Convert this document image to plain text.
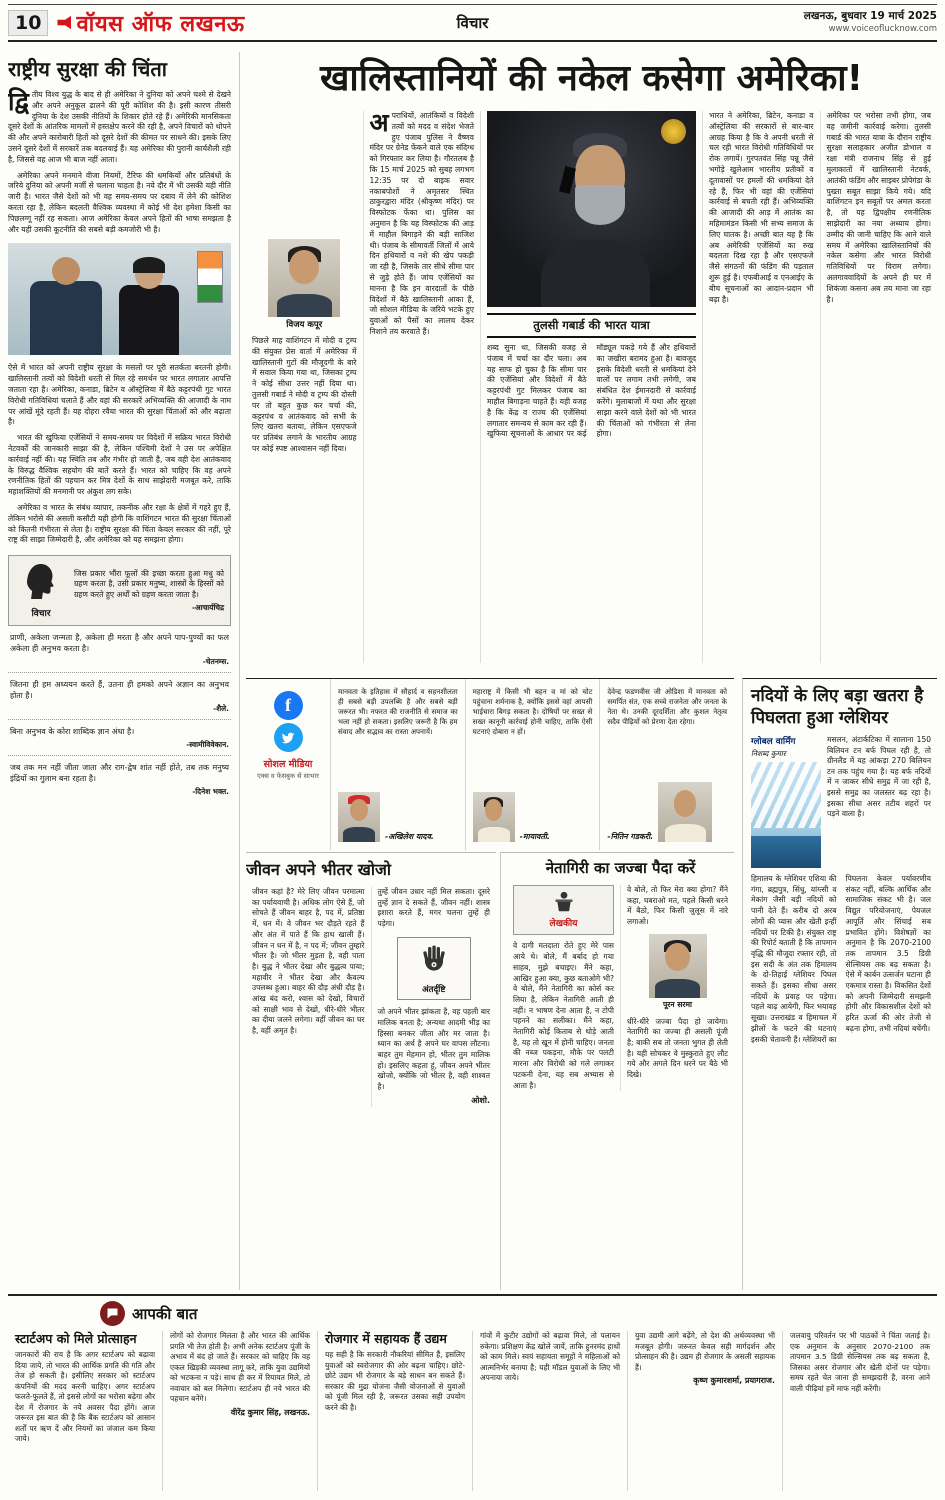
10	वॉयस ऑफ लखनऊ	विचार	लखनऊ, बुधवार 19 मार्च 2025
www.voiceoflucknow.com
राष्ट्रीय सुरक्षा की चिंता

द्वि तीय विश्व युद्ध के बाद से ही अमेरिका ने दुनिया को अपने चश्मे से देखने और अपने अनुकूल ढालने की पूरी कोशिश की है। इसी कारण तीसरी दुनिया के देश उसकी नीतियों के शिकार होते रहे हैं। अमेरिकी मानसिकता दूसरे देशों के आंतरिक मामलों में हस्तक्षेप करने की रही है, अपने विचारों को थोपने की और अपने कारोबारी हितों को दूसरे देशों की कीमत पर साधने की। इसके लिए उसने दूसरे देशों में सरकारें तक बदलवाई हैं। यह अमेरिका की पुरानी कार्यशैली रही है, जिससे वह आज भी बाज नहीं आता।

अमेरिका अपने मनमाने वीजा नियमों, टैरिफ की धमकियों और प्रतिबंधों के जरिये दुनिया को अपनी मर्जी से चलाना चाहता है। नये दौर में भी उसकी यही नीति जारी है। भारत जैसे देशों को भी वह समय-समय पर दबाव में लेने की कोशिश करता रहा है, लेकिन बदलती वैश्विक व्यवस्था में कोई भी देश हमेशा किसी का पिछलग्गू नहीं रह सकता। आज अमेरिका केवल अपने हितों की भाषा समझता है और यही उसकी कूटनीति की सबसे बड़ी कमजोरी भी है।

ऐसे में भारत को अपनी राष्ट्रीय सुरक्षा के मसलों पर पूरी सतर्कता बरतनी होगी। खालिस्तानी तत्वों को विदेशी धरती से मिल रहे समर्थन पर भारत लगातार आपत्ति जताता रहा है। अमेरिका, कनाडा, ब्रिटेन व ऑस्ट्रेलिया में बैठे कट्टरपंथी गुट भारत विरोधी गतिविधियां चलाते हैं और वहां की सरकारें अभिव्यक्ति की आजादी के नाम पर आंखें मूंदे रहती हैं। यह दोहरा रवैया भारत की सुरक्षा चिंताओं को और बढ़ाता है।

भारत की खुफिया एजेंसियों ने समय-समय पर विदेशों में सक्रिय भारत विरोधी नेटवर्कों की जानकारी साझा की है, लेकिन पश्चिमी देशों ने उस पर अपेक्षित कार्रवाई नहीं की। यह स्थिति तब और गंभीर हो जाती है, जब वही देश आतंकवाद के विरुद्ध वैश्विक सहयोग की बातें करते हैं। भारत को चाहिए कि वह अपने रणनीतिक हितों की पहचान कर मित्र देशों के साथ साझेदारी मजबूत करे, ताकि महाशक्तियों की मनमानी पर अंकुश लग सके।

अमेरिका व भारत के संबंध व्यापार, तकनीक और रक्षा के क्षेत्रों में गहरे हुए हैं, लेकिन भरोसे की असली कसौटी यही होगी कि वाशिंगटन भारत की सुरक्षा चिंताओं को कितनी गंभीरता से लेता है। राष्ट्रीय सुरक्षा की चिंता केवल सरकार की नहीं, पूरे राष्ट्र की साझा जिम्मेदारी है, और अमेरिका को यह समझना होगा।

विचार
जिस प्रकार भौंरा फूलों की इच्छा करता हुआ मधु को ग्रहण करता है, उसी प्रकार मनुष्य, शास्त्रों के हिस्सों को ग्रहण करते हुए अर्थों को ग्रहण करता जाता है।
-आचार्यचिद्र
प्राणी, अकेला जन्मता है, अकेला ही मरता है और अपने पाप-पुण्यों का फल अकेला ही अनुभव करता है।
-चेतनम्स.
जितना ही हम अध्ययन करते हैं, उतना ही हमको अपने अज्ञान का अनुभव होता है।
-शैले.
बिना अनुभव के कोरा शाब्दिक ज्ञान अंधा है।
-स्वामीविवेकान.
जब तक मन नहीं जीता जाता और राग-द्वेष शांत नहीं होते, तब तक मनुष्य इंद्रियों का गुलाम बना रहता है।
-दिनेश भक्त.
खालिस्तानियों की नकेल कसेगा अमेरिका!
विजय कपूर

पिछले माह वाशिंगटन में मोदी व ट्रम्प की संयुक्त प्रेस वार्ता में अमेरिका में खालिस्तानी गुटों की मौजूदगी के बारे में सवाल किया गया था, जिसका ट्रम्प ने कोई सीधा उत्तर नहीं दिया था। तुलसी गबार्ड ने मोदी व ट्रम्प की दोस्ती पर तो बहुत कुछ कर चर्चा की, कट्टरपंथ व आतंकवाद को सभी के लिए खतरा बताया, लेकिन एसएफजे पर प्रतिबंध लगाने के भारतीय आग्रह पर कोई स्पष्ट आश्वासन नहीं दिया।

अपराधियों, आतंकियों व विदेशी तत्वों को मदद व संदेश भेजते हुए पंजाब पुलिस ने वैष्णव मंदिर पर ग्रेनेड फेंकने वाले एक संदिग्ध को गिरफ्तार कर लिया है। गौरतलब है कि 15 मार्च 2025 को सुबह लगभग 12:35 पर दो बाइक सवार नकाबपोशों ने अमृतसर स्थित ठाकुरद्वारा मंदिर (श्रीकृष्ण मंदिर) पर विस्फोटक फेंका था। पुलिस का अनुमान है कि यह विस्फोटक की आड़ में माहौल बिगाड़ने की बड़ी साजिश थी। पंजाब के सीमावर्ती जिलों में आये दिन हथियारों व नशे की खेप पकड़ी जा रही है, जिसके तार सीधे सीमा पार से जुड़े होते हैं। जांच एजेंसियों का मानना है कि इन वारदातों के पीछे विदेशों में बैठे खालिस्तानी आका हैं, जो सोशल मीडिया के जरिये भटके हुए युवाओं को पैसों का लालच देकर निशाने तय करवाते हैं।	तुलसी गबार्ड की भारत यात्रा
शब्द सुना था, जिसकी वजह से पंजाब में चर्चा का दौर चला। अब यह साफ हो चुका है कि सीमा पार की एजेंसियां और विदेशों में बैठे कट्टरपंथी गुट मिलकर पंजाब का माहौल बिगाड़ना चाहते हैं। यही वजह है कि केंद्र व राज्य की एजेंसियां लगातार समन्वय से काम कर रही हैं। खुफिया सूचनाओं के आधार पर कई मॉड्यूल पकड़े गये हैं और हथियारों का जखीरा बरामद हुआ है। बावजूद इसके विदेशी धरती से धमकियां देने वालों पर लगाम तभी लगेगी, जब संबंधित देश ईमानदारी से कार्रवाई करेंगे। मुलाबाजों में यथा और सुरक्षा साझा करने वाले देशों को भी भारत की चिंताओं को गंभीरता से लेना होगा।

भारत ने अमेरिका, ब्रिटेन, कनाडा व ऑस्ट्रेलिया की सरकारों से बार-बार आग्रह किया है कि वे अपनी धरती से चल रही भारत विरोधी गतिविधियों पर रोक लगायें। गुरपतवंत सिंह पन्नू जैसे भगोड़े खुलेआम भारतीय प्रतीकों व दूतावासों पर हमलों की धमकियां देते रहे हैं, फिर भी वहां की एजेंसियां कार्रवाई से बचती रही हैं। अभिव्यक्ति की आजादी की आड़ में आतंक का महिमामंडन किसी भी सभ्य समाज के लिए घातक है। अच्छी बात यह है कि अब अमेरिकी एजेंसियों का रुख बदलता दिख रहा है और एसएफजे जैसे संगठनों की फंडिंग की पड़ताल शुरू हुई है। एफबीआई व एनआईए के बीच सूचनाओं का आदान-प्रदान भी बढ़ा है।

अमेरिका पर भरोसा तभी होगा, जब वह जमीनी कार्रवाई करेगा। तुलसी गबार्ड की भारत यात्रा के दौरान राष्ट्रीय सुरक्षा सलाहकार अजीत डोभाल व रक्षा मंत्री राजनाथ सिंह से हुई मुलाकातों में खालिस्तानी नेटवर्क, आतंकी फंडिंग और साइबर प्रोपेगंडा के पुख्ता सबूत साझा किये गये। यदि वाशिंगटन इन सबूतों पर अमल करता है, तो यह द्विपक्षीय रणनीतिक साझेदारी का नया अध्याय होगा। उम्मीद की जानी चाहिए कि आने वाले समय में अमेरिका खालिस्तानियों की नकेल कसेगा और भारत विरोधी गतिविधियों पर विराम लगेगा। अलगाववादियों के अपने ही घर में शिकंजा कसना अब तय माना जा रहा है।

f
सोशल मीडिया
एक्स व फेसबुक से साभार
मानवता के इतिहास में सौहार्द व सहनशीलता ही सबसे बड़ी उपलब्धि है और सबसे बड़ी जरूरत भी। नफरत की राजनीति से समाज का भला नहीं हो सकता। इसलिए जरूरी है कि हम संवाद और सद्भाव का रास्ता अपनायें।
-अखिलेश यादव.
महाराष्ट्र में किसी भी बहन व मां को चोट पहुंचाना शर्मनाक है, क्योंकि इससे वहां आपसी भाईचारा बिगड़ सकता है। दोषियों पर सख्त से सख्त कानूनी कार्रवाई होनी चाहिए, ताकि ऐसी घटनाएं दोबारा न हों।
-मायावती.
देवेन्द्र फडणवीस जी ओडिशा में मानवता को समर्पित संत, एक सच्चे राजनेता और जनता के नेता थे। उनकी दूरदर्शिता और कुशल नेतृत्व सदैव पीढ़ियों को प्रेरणा देता रहेगा।
-नितिन गडकरी.
नदियों के लिए बड़ा खतरा है पिघलता हुआ ग्लेशियर
ग्लोबल वार्मिंग
निशब्द कुमार
मसलन, अंटार्कटिका में सालाना 150 बिलियन टन बर्फ पिघल रही है, तो ग्रीनलैंड में यह आंकड़ा 270 बिलियन टन तक पहुंच गया है। यह बर्फ नदियों में न जाकर सीधे समुद्र में जा रही है, इससे समुद्र का जलस्तर बढ़ रहा है। इसका सीधा असर तटीय शहरों पर पड़ने वाला है।
हिमालय के ग्लेशियर एशिया की गंगा, ब्रह्मपुत्र, सिंधु, यांग्त्सी व मेकांग जैसी बड़ी नदियों को पानी देते हैं। करीब दो अरब लोगों की प्यास और खेती इन्हीं नदियों पर टिकी है। संयुक्त राष्ट्र की रिपोर्ट बताती है कि तापमान वृद्धि की मौजूदा रफ्तार रही, तो इस सदी के अंत तक हिमालय के दो-तिहाई ग्लेशियर पिघल सकते हैं। इसका सीधा असर नदियों के प्रवाह पर पड़ेगा। पहले बाढ़ आयेगी, फिर भयावह सूखा। उत्तराखंड व हिमाचल में झीलों के फटने की घटनाएं इसकी चेतावनी हैं। ग्लेशियरों का पिघलना केवल पर्यावरणीय संकट नहीं, बल्कि आर्थिक और सामाजिक संकट भी है। जल विद्युत परियोजनाएं, पेयजल आपूर्ति और सिंचाई सब प्रभावित होंगे। विशेषज्ञों का अनुमान है कि 2070-2100 तक तापमान 3.5 डिग्री सेल्सियस तक बढ़ सकता है। ऐसे में कार्बन उत्सर्जन घटाना ही एकमात्र रास्ता है। विकसित देशों को अपनी जिम्मेदारी समझनी होगी और विकासशील देशों को हरित ऊर्जा की ओर तेजी से बढ़ना होगा, तभी नदियां बचेंगी।
जीवन अपने भीतर खोजो
जीवन कहां है? मेरे लिए जीवन परमात्मा का पर्यायवाची है। अधिक लोग ऐसे हैं, जो सोचते हैं जीवन बाहर है, पद में, प्रतिष्ठा में, धन में। वे जीवन भर दौड़ते रहते हैं और अंत में पाते हैं कि हाथ खाली हैं। जीवन न धन में है, न पद में; जीवन तुम्हारे भीतर है। जो भीतर मुड़ता है, वही पाता है। बुद्ध ने भीतर देखा और बुद्धत्व पाया; महावीर ने भीतर देखा और कैवल्य उपलब्ध हुआ। बाहर की दौड़ अंधी दौड़ है। आंख बंद करो, श्वास को देखो, विचारों को साक्षी भाव से देखो, धीरे-धीरे भीतर का दीया जलने लगेगा। वहीं जीवन का घर है, वहीं अमृत है।
तुम्हें जीवन उधार नहीं मिल सकता। दूसरे तुम्हें ज्ञान दे सकते हैं, जीवन नहीं। शास्त्र इशारा करते हैं, मगर चलना तुम्हें ही पड़ेगा।
अंतर्दृष्टि
जो अपने भीतर झांकता है, वह पहली बार मालिक बनता है; अन्यथा आदमी भीड़ का हिस्सा बनकर जीता और मर जाता है। ध्यान का अर्थ है अपने घर वापस लौटना। बाहर तुम मेहमान हो, भीतर तुम मालिक हो। इसलिए कहता हूं, जीवन अपने भीतर खोजो, क्योंकि जो भीतर है, वही शाश्वत है।
ओशो.
नेतागिरी का जज्बा पैदा करें
लेखकीय
वे दागी मतदाता रोते हुए मेरे पास आये थे। बोले, मैं बर्बाद हो गया साहब, मुझे बचाइए। मैंने कहा, आखिर हुआ क्या, कुछ बताओगे भी? वे बोले, मैंने नेतागिरी का कोर्स कर लिया है, लेकिन नेतागिरी आती ही नहीं। न भाषण देना आता है, न टोपी पहनने का सलीका। मैंने कहा, नेतागिरी कोई किताब से थोड़े आती है, यह तो खून में होनी चाहिए। जनता की नब्ज पकड़ना, मौके पर पलटी मारना और विरोधी को गले लगाकर पटकनी देना, यह सब अभ्यास से आता है।
वे बोले, तो फिर मेरा क्या होगा? मैंने कहा, घबराओ मत, पहले किसी धरने में बैठो, फिर किसी जुलूस में नारे लगाओ।
पूरन सरमा
धीरे-धीरे जज्बा पैदा हो जायेगा। नेतागिरी का जज्बा ही असली पूंजी है; बाकी सब तो जनता भुगत ही लेती है। यही सोचकर वे मुस्कुराते हुए लौट गये और अगले दिन धरने पर बैठे भी दिखे।
आपकी बात
स्टार्टअप को मिले प्रोत्साहन
जानकारों की राय है कि अगर स्टार्टअप को बढ़ावा दिया जाये, तो भारत की आर्थिक प्रगति की गति और तेज हो सकती है। इसीलिए सरकार को स्टार्टअप कंपनियों की मदद करनी चाहिए। अगर स्टार्टअप फलते-फूलते हैं, तो इससे लोगों का भरोसा बढ़ेगा और देश में रोजगार के नये अवसर पैदा होंगे। आज जरूरत इस बात की है कि बैंक स्टार्टअप को आसान शर्तों पर ऋण दें और नियमों का जंजाल कम किया जाये।
लोगों को रोजगार मिलता है और भारत की आर्थिक प्रगति भी तेज होती है। अभी अनेक स्टार्टअप पूंजी के अभाव में बंद हो जाते हैं। सरकार को चाहिए कि वह एकल खिड़की व्यवस्था लागू करे, ताकि युवा उद्यमियों को भटकना न पड़े। साथ ही कर में रियायत मिले, तो नवाचार को बल मिलेगा। स्टार्टअप ही नये भारत की पहचान बनेंगे।
वीरेंद्र कुमार सिंह, लखनऊ.
रोजगार में सहायक हैं उद्यम
यह सही है कि सरकारी नौकरियां सीमित हैं, इसलिए युवाओं को स्वरोजगार की ओर बढ़ना चाहिए। छोटे-छोटे उद्यम भी रोजगार के बड़े साधन बन सकते हैं। सरकार की मुद्रा योजना जैसी योजनाओं से युवाओं को पूंजी मिल रही है, जरूरत उसका सही उपयोग करने की है।
गांवों में कुटीर उद्योगों को बढ़ावा मिले, तो पलायन रुकेगा। प्रशिक्षण केंद्र खोले जायें, ताकि हुनरमंद हाथों को काम मिले। स्वयं सहायता समूहों ने महिलाओं को आत्मनिर्भर बनाया है; यही मॉडल युवाओं के लिए भी अपनाया जाये।
युवा उद्यमी आगे बढ़ेंगे, तो देश की अर्थव्यवस्था भी मजबूत होगी। जरूरत केवल सही मार्गदर्शन और प्रोत्साहन की है। उद्यम ही रोजगार के असली सहायक हैं।
कृष्ण कुमारशर्मा, प्रयागराज.
जलवायु परिवर्तन पर भी पाठकों ने चिंता जताई है। एक अनुमान के अनुसार 2070-2100 तक तापमान 3.5 डिग्री सेल्सियस तक बढ़ सकता है, जिसका असर रोजगार और खेती दोनों पर पड़ेगा। समय रहते चेत जाना ही समझदारी है, वरना आने वाली पीढ़ियां हमें माफ नहीं करेंगी।
